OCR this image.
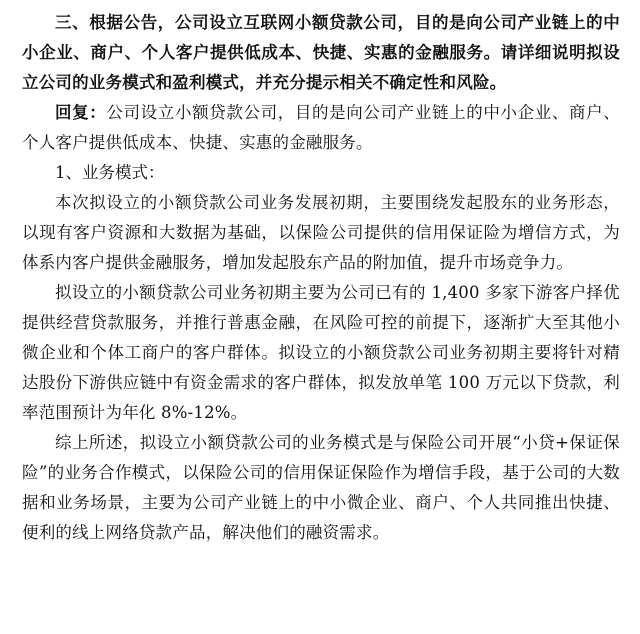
三、根据公告，公司设立互联网小额贷款公司，目的是向公司产业链上的中小企业、商户、个人客户提供低成本、快捷、实惠的金融服务。请详细说明拟设立公司的业务模式和盈利模式，并充分提示相关不确定性和风险。

回复：公司设立小额贷款公司，目的是向公司产业链上的中小企业、商户、个人客户提供低成本、快捷、实惠的金融服务。

1、业务模式：

本次拟设立的小额贷款公司业务发展初期，主要围绕发起股东的业务形态，以现有客户资源和大数据为基础，以保险公司提供的信用保证险为增信方式，为体系内客户提供金融服务，增加发起股东产品的附加值，提升市场竞争力。

拟设立的小额贷款公司业务初期主要为公司已有的 1,400 多家下游客户择优提供经营贷款服务，并推行普惠金融，在风险可控的前提下，逐渐扩大至其他小微企业和个体工商户的客户群体。拟设立的小额贷款公司业务初期主要将针对精达股份下游供应链中有资金需求的客户群体，拟发放单笔 100 万元以下贷款，利率范围预计为年化 8%-12%。

综上所述，拟设立小额贷款公司的业务模式是与保险公司开展“小贷+保证保险”的业务合作模式，以保险公司的信用保证保险作为增信手段，基于公司的大数据和业务场景，主要为公司产业链上的中小微企业、商户、个人共同推出快捷、便利的线上网络贷款产品，解决他们的融资需求。
